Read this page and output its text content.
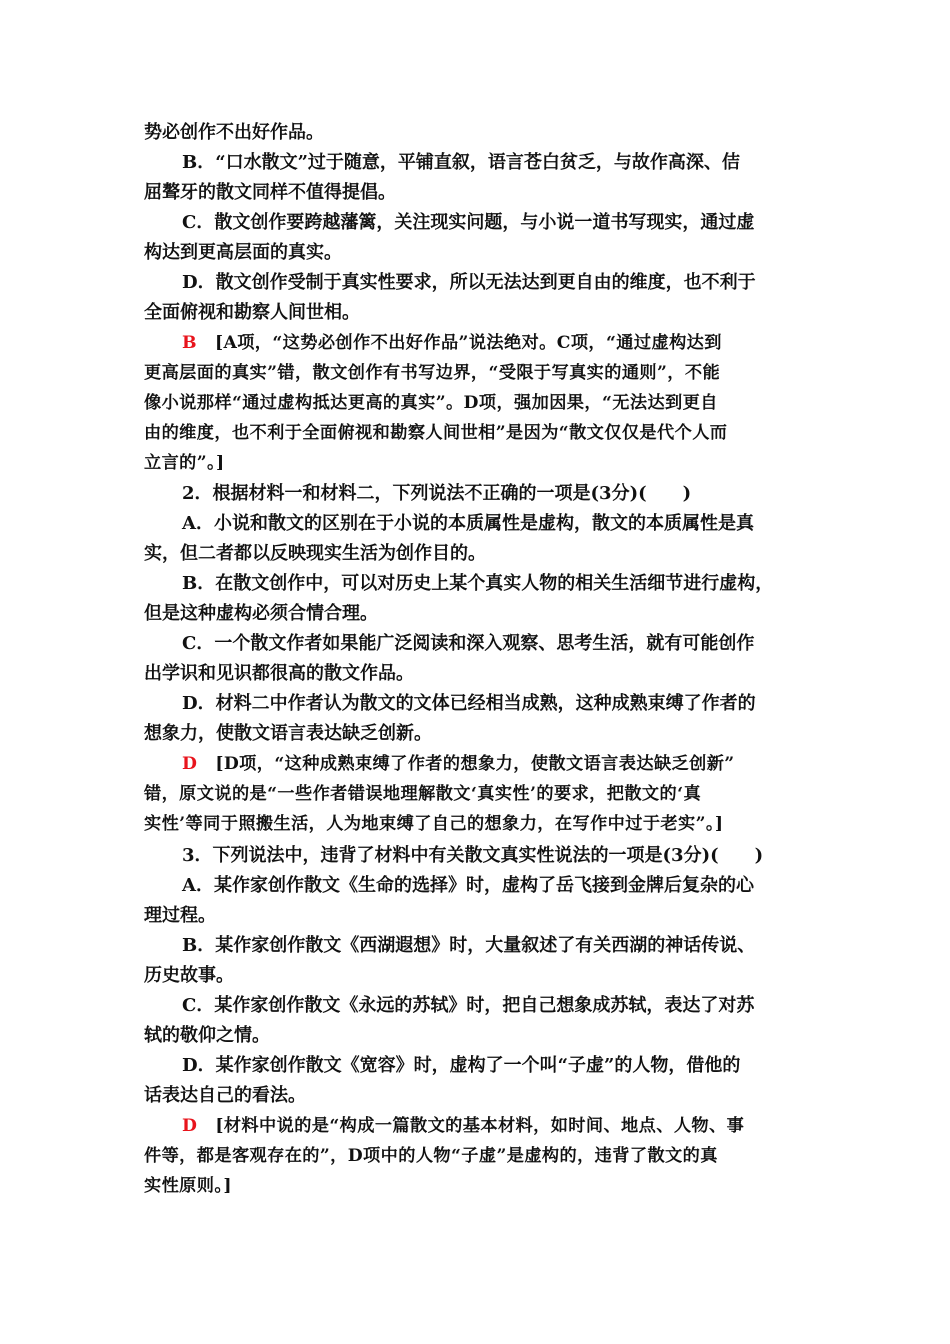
势必创作不出好作品。
B．“口水散文”过于随意，平铺直叙，语言苍白贫乏，与故作高深、佶
屈聱牙的散文同样不值得提倡。
C．散文创作要跨越藩篱，关注现实问题，与小说一道书写现实，通过虚
构达到更高层面的真实。
D．散文创作受制于真实性要求，所以无法达到更自由的维度，也不利于
全面俯视和勘察人间世相。
B [A项，“这势必创作不出好作品”说法绝对。C项，“通过虚构达到
更高层面的真实”错，散文创作有书写边界，“受限于写真实的通则”，不能
像小说那样“通过虚构抵达更高的真实”。D项，强加因果，“无法达到更自
由的维度，也不利于全面俯视和勘察人间世相”是因为“散文仅仅是代个人而
立言的”。]
2．根据材料一和材料二，下列说法不正确的一项是(3分)(　　)
A．小说和散文的区别在于小说的本质属性是虚构，散文的本质属性是真
实，但二者都以反映现实生活为创作目的。
B．在散文创作中，可以对历史上某个真实人物的相关生活细节进行虚构，
但是这种虚构必须合情合理。
C．一个散文作者如果能广泛阅读和深入观察、思考生活，就有可能创作
出学识和见识都很高的散文作品。
D．材料二中作者认为散文的文体已经相当成熟，这种成熟束缚了作者的
想象力，使散文语言表达缺乏创新。
D [D项，“这种成熟束缚了作者的想象力，使散文语言表达缺乏创新”
错，原文说的是“一些作者错误地理解散文‘真实性’的要求，把散文的‘真
实性’等同于照搬生活，人为地束缚了自己的想象力，在写作中过于老实”。]
3．下列说法中，违背了材料中有关散文真实性说法的一项是(3分)(　　)
A．某作家创作散文《生命的选择》时，虚构了岳飞接到金牌后复杂的心
理过程。
B．某作家创作散文《西湖遐想》时，大量叙述了有关西湖的神话传说、
历史故事。
C．某作家创作散文《永远的苏轼》时，把自己想象成苏轼，表达了对苏
轼的敬仰之情。
D．某作家创作散文《宽容》时，虚构了一个叫“子虚”的人物，借他的
话表达自己的看法。
D [材料中说的是“构成一篇散文的基本材料，如时间、地点、人物、事
件等，都是客观存在的”，D项中的人物“子虚”是虚构的，违背了散文的真
实性原则。]
